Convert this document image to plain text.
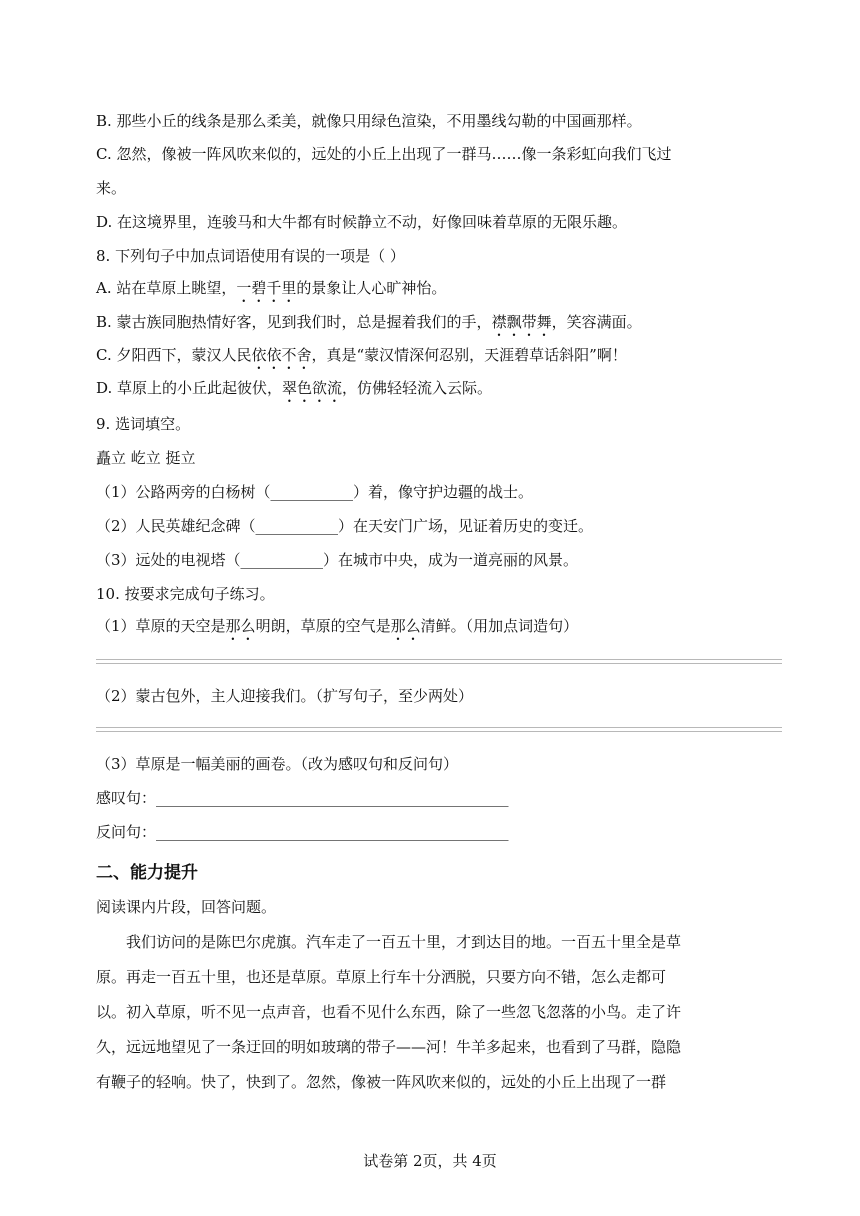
B. 那些小丘的线条是那么柔美，就像只用绿色渲染，不用墨线勾勒的中国画那样。
C. 忽然，像被一阵风吹来似的，远处的小丘上出现了一群马……像一条彩虹向我们飞过
来。
D. 在这境界里，连骏马和大牛都有时候静立不动，好像回味着草原的无限乐趣。
8. 下列句子中加点词语使用有误的一项是（ ）
A. 站在草原上眺望，一碧千里的景象让人心旷神怡。
B. 蒙古族同胞热情好客，见到我们时，总是握着我们的手，襟飘带舞，笑容满面。
C. 夕阳西下，蒙汉人民依依不舍，真是“蒙汉情深何忍别，天涯碧草话斜阳”啊！
D. 草原上的小丘此起彼伏，翠色欲流，仿佛轻轻流入云际。
9. 选词填空。
矗立 屹立 挺立
（1）公路两旁的白杨树（___________）着，像守护边疆的战士。
（2）人民英雄纪念碑（___________）在天安门广场，见证着历史的变迁。
（3）远处的电视塔（___________）在城市中央，成为一道亮丽的风景。
10. 按要求完成句子练习。
（1）草原的天空是那么明朗，草原的空气是那么清鲜。（用加点词造句）
（2）蒙古包外，主人迎接我们。（扩写句子，至少两处）
（3）草原是一幅美丽的画卷。（改为感叹句和反问句）
感叹句：_______________________________________________
反问句：_______________________________________________
二、能力提升
阅读课内片段，回答问题。
　　我们访问的是陈巴尔虎旗。汽车走了一百五十里，才到达目的地。一百五十里全是草
原。再走一百五十里，也还是草原。草原上行车十分洒脱，只要方向不错，怎么走都可
以。初入草原，听不见一点声音，也看不见什么东西，除了一些忽飞忽落的小鸟。走了许
久，远远地望见了一条迂回的明如玻璃的带子——河！牛羊多起来，也看到了马群，隐隐
有鞭子的轻响。快了，快到了。忽然，像被一阵风吹来似的，远处的小丘上出现了一群
试卷第 2页，共 4页
